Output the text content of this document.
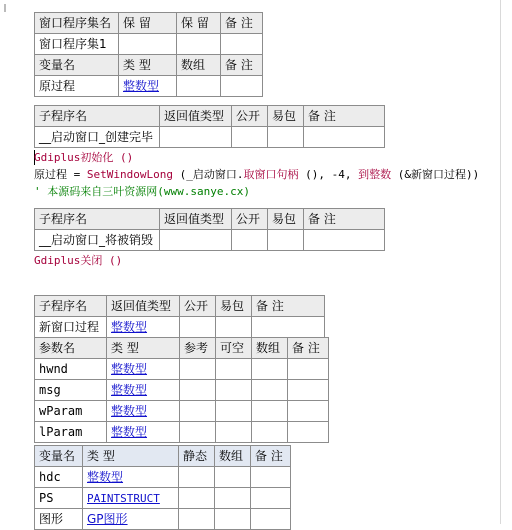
窗口程序集名	保 留	保 留	备 注
窗口程序集1			
变量名	类 型	数组	备 注
原过程	整数型		
子程序名	返回值类型	公开	易包	备 注
__启动窗口_创建完毕				
Gdiplus初始化 ()
原过程 = SetWindowLong (_启动窗口.取窗口句柄 (), -4, 到整数 (&新窗口过程))
' 本源码来自三叶资源网(www.sanye.cx)
子程序名	返回值类型	公开	易包	备 注
__启动窗口_将被销毁				
Gdiplus关闭 ()
子程序名	返回值类型	公开	易包	备 注
新窗口过程	整数型			
参数名	类 型	参考	可空	数组	备 注
hwnd	整数型				
msg	整数型				
wParam	整数型				
lParam	整数型				
变量名	类 型	静态	数组	备 注
hdc	整数型			
PS	PAINTSTRUCT			
图形	GP图形			
